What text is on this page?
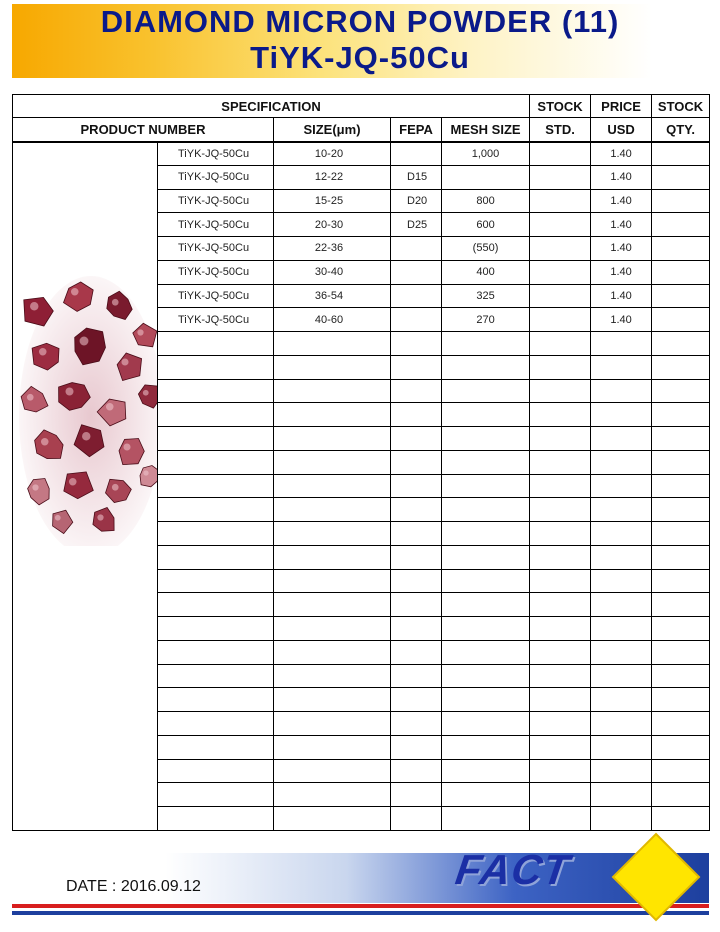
DIAMOND MICRON POWDER (11)
TiYK-JQ-50Cu
SPECIFICATION					STOCK	PRICE	STOCK
PRODUCT NUMBER		SIZE(μm)	FEPA	MESH SIZE	STD.	USD	QTY.

	TiYK-JQ-50Cu	10-20		1,000		1.40	
	TiYK-JQ-50Cu	12-22	D15			1.40	
	TiYK-JQ-50Cu	15-25	D20	800		1.40	
	TiYK-JQ-50Cu	20-30	D25	600		1.40	
	TiYK-JQ-50Cu	22-36		(550)		1.40	
	TiYK-JQ-50Cu	30-40		400		1.40	
	TiYK-JQ-50Cu	36-54		325		1.40	
	TiYK-JQ-50Cu	40-60		270		1.40	

DATE : 2016.09.12	FACT
